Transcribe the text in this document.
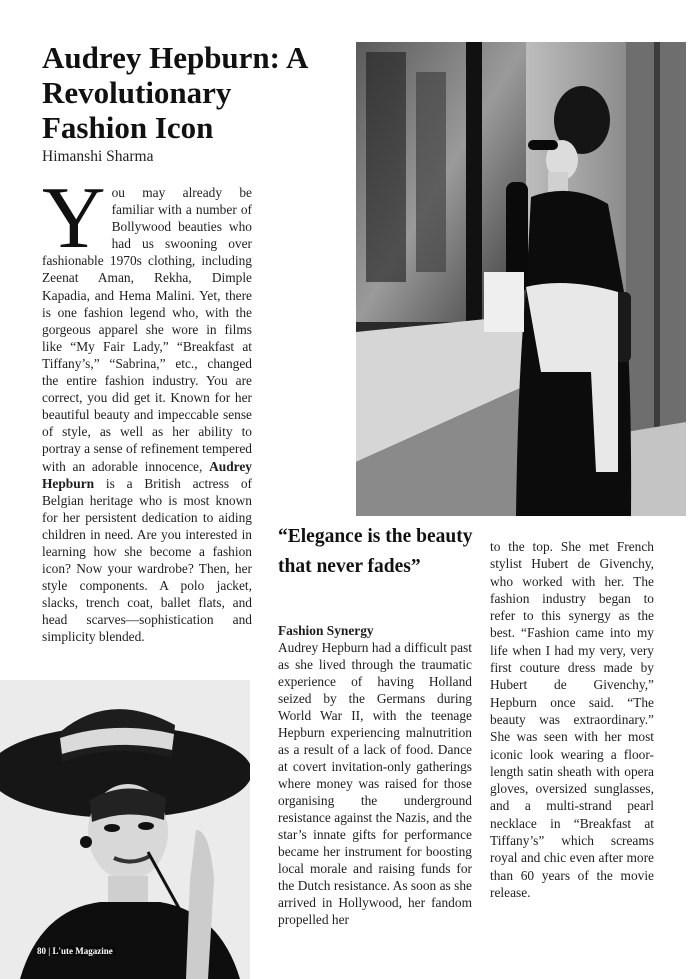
Audrey Hepburn: A Revolutionary Fashion Icon
Himanshi Sharma
Y ou may already be familiar with a number of Bollywood beauties who had us swooning over fashionable 1970s clothing, including Zeenat Aman, Rekha, Dimple Kapadia, and Hema Malini. Yet, there is one fashion legend who, with the gorgeous apparel she wore in films like “My Fair Lady,” “Breakfast at Tiffany’s,” “Sabrina,” etc., changed the entire fashion industry. You are correct, you did get it. Known for her beautiful beauty and impeccable sense of style, as well as her ability to portray a sense of refinement tempered with an adorable innocence, Audrey Hepburn is a British actress of Belgian heritage who is most known for her persistent dedication to aiding children in need. Are you interested in learning how she become a fashion icon? Now your wardrobe? Then, her style components. A polo jacket, slacks, trench coat, ballet flats, and head scarves—sophistication and simplicity blended.
“Elegance is the beauty that never fades”
Fashion Synergy
Audrey Hepburn had a difficult past as she lived through the traumatic experience of having Holland seized by the Germans during World War II, with the teenage Hepburn experiencing malnutrition as a result of a lack of food. Dance at covert invitation-only gatherings where money was raised for those organising the underground resistance against the Nazis, and the star’s innate gifts for performance became her instrument for boosting local morale and raising funds for the Dutch resistance. As soon as she arrived in Hollywood, her fandom propelled her
to the top. She met French stylist Hubert de Givenchy, who worked with her. The fashion industry began to refer to this synergy as the best. “Fashion came into my life when I had my very, very first couture dress made by Hubert de Givenchy,” Hepburn once said. “The beauty was extraordinary.” She was seen with her most iconic look wearing a floor-length satin sheath with opera gloves, oversized sunglasses, and a multi-strand pearl necklace in “Breakfast at Tiffany’s” which screams royal and chic even after more than 60 years of the movie release.
80 | L'ute Magazine
